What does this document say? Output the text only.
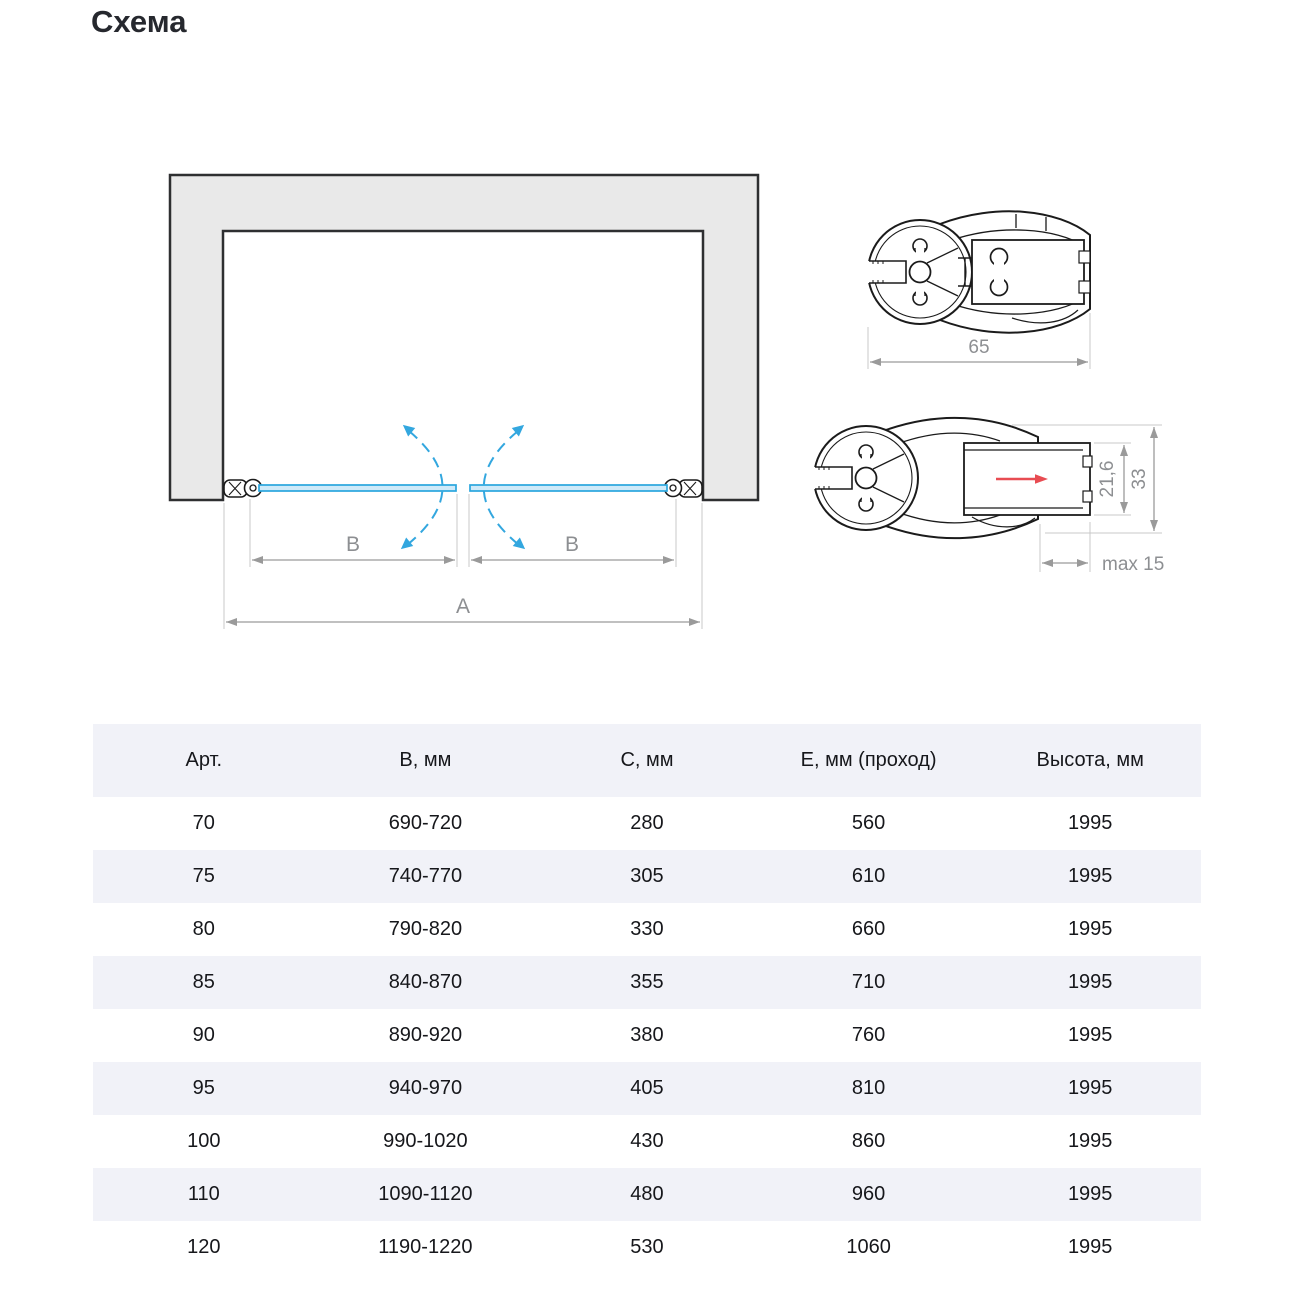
Схема
B	B
A
65
21,6 33
max 15
Арт.	В, мм	С, мм	Е, мм (проход)	Высота, мм
70	690-720	280	560	1995
75	740-770	305	610	1995
80	790-820	330	660	1995
85	840-870	355	710	1995
90	890-920	380	760	1995
95	940-970	405	810	1995
100	990-1020	430	860	1995
110	1090-1120	480	960	1995
120	1190-1220	530	1060	1995
